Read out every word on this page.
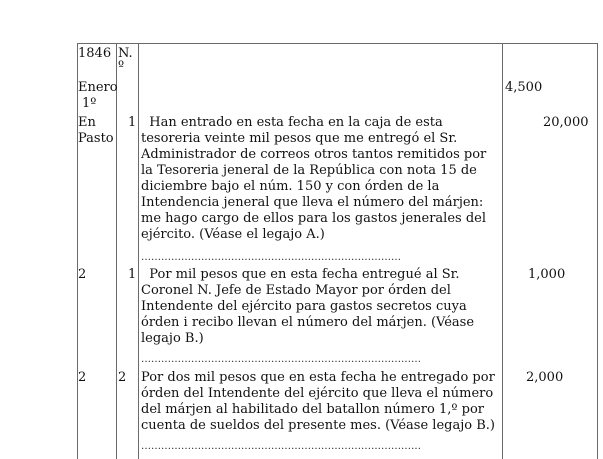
1846 N.
º
Enero
1º
4,500
En
Pasto
1 Han entrado en esta fecha en la caja de esta tesoreria veinte mil pesos que me entregó el Sr. Administrador de correos otros tantos remitidos por la Tesoreria jeneral de la República con nota 15 de diciembre bajo el núm. 150 y con órden de la Intendencia jeneral que lleva el número del márjen: me hago cargo de ellos para los gastos jenerales del ejército. (Véase el legajo A.)
20,000
……………………………………………………………………
2	1 Por mil pesos que en esta fecha entregué al Sr. Coronel N. Jefe de Estado Mayor por órden del Intendente del ejército para gastos secretos cuya órden i recibo llevan el número del márjen. (Véase legajo B.)
1,000
…………………………………………………………………………
2 2 Por dos mil pesos que en esta fecha he entregado por órden del Intendente del ejército que lleva el número del márjen al habilitado del batallon número 1,º por cuenta de sueldos del presente mes. (Véase legajo B.)
2,000
…………………………………………………………………………
